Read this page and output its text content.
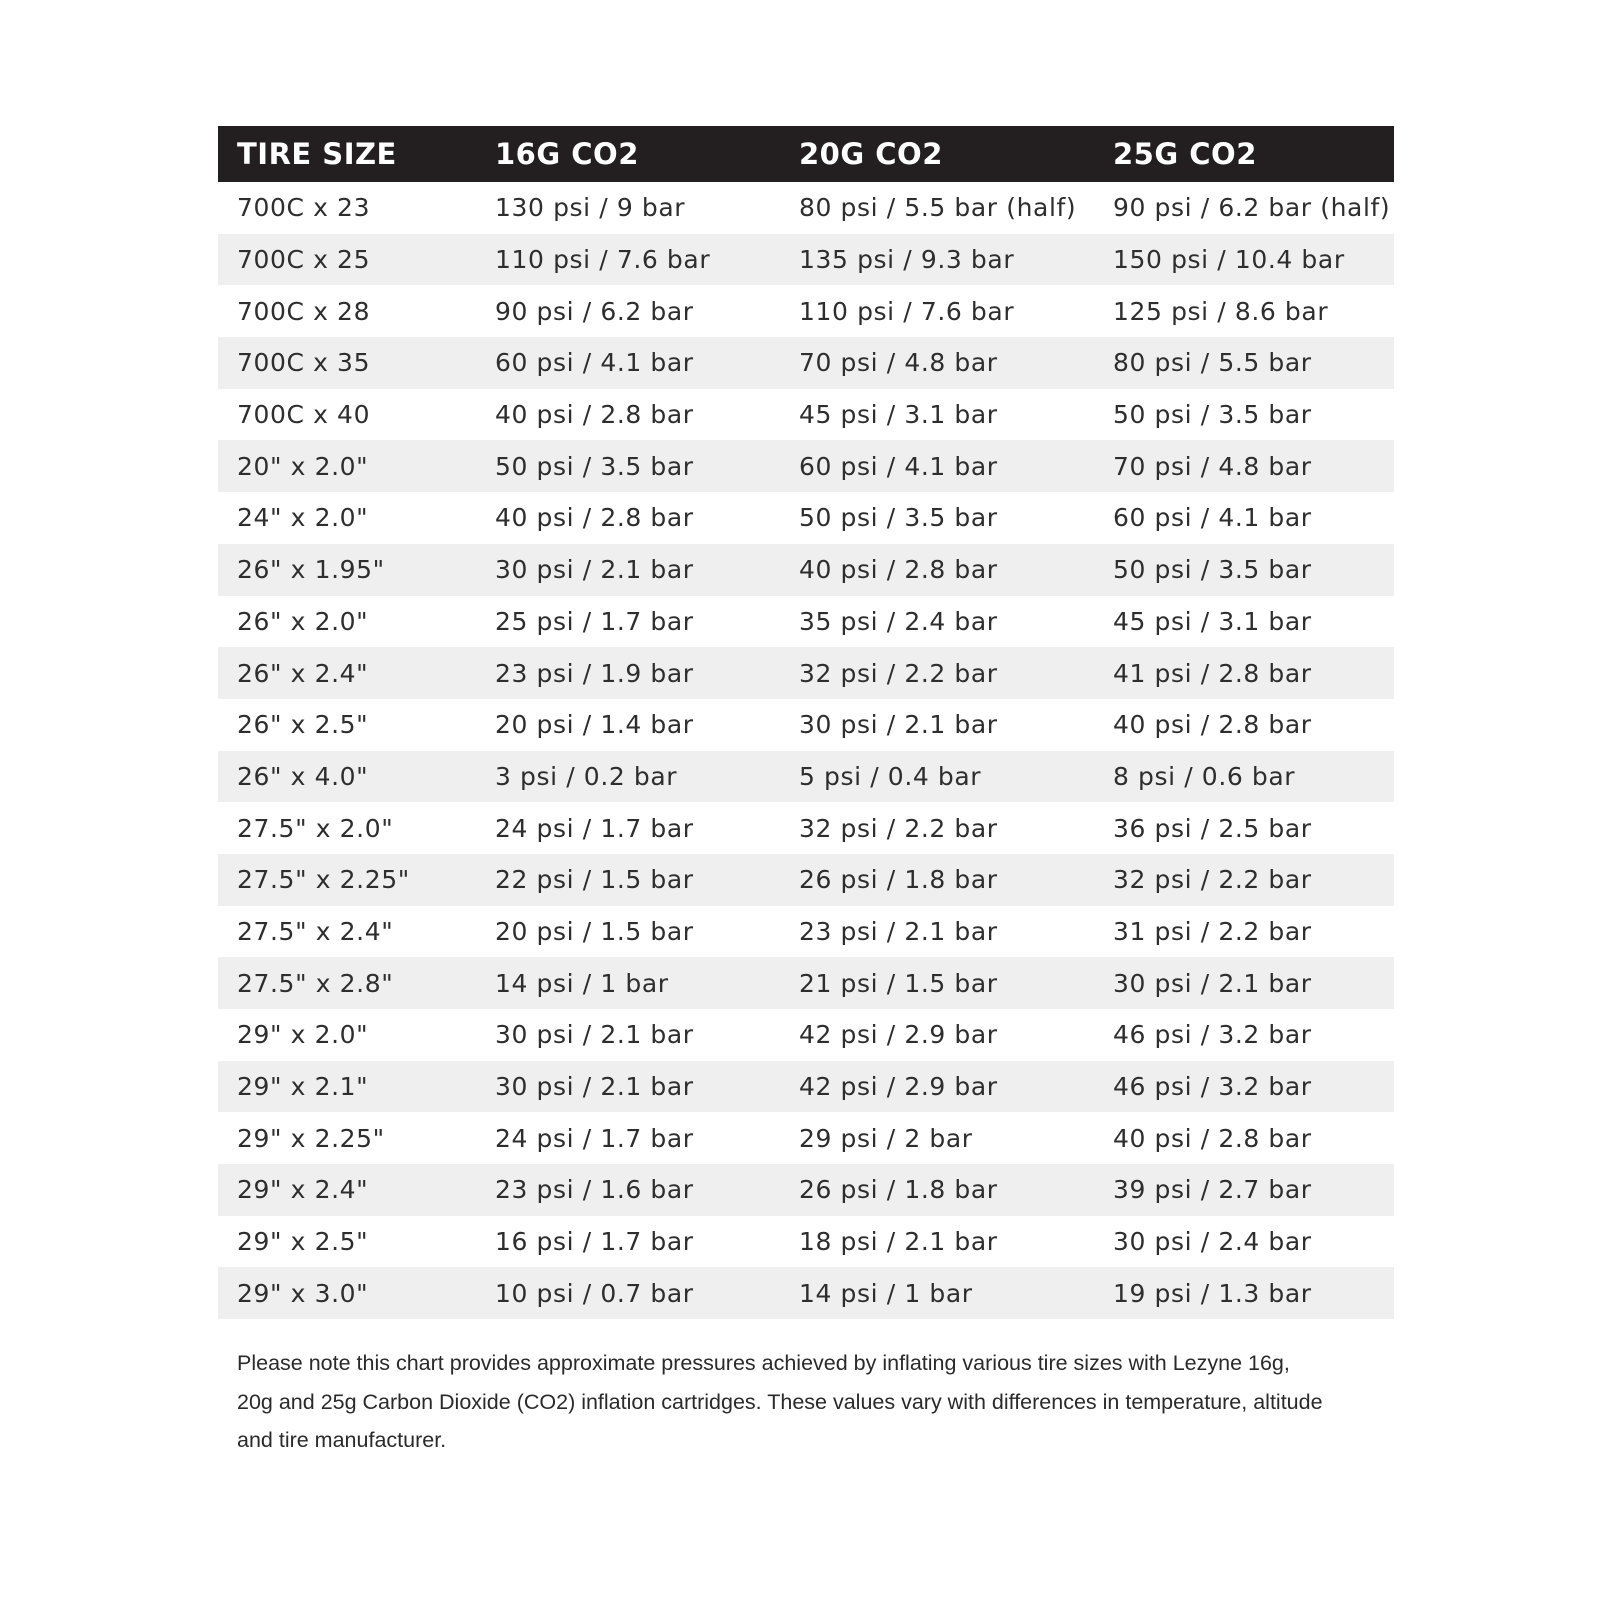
TIRE SIZE	16G CO2	20G CO2	25G CO2
700C x 23	130 psi / 9 bar	80 psi / 5.5 bar (half)	90 psi / 6.2 bar (half)
700C x 25	110 psi / 7.6 bar	135 psi / 9.3 bar	150 psi / 10.4 bar
700C x 28	90 psi / 6.2 bar	110 psi / 7.6 bar	125 psi / 8.6 bar
700C x 35	60 psi / 4.1 bar	70 psi / 4.8 bar	80 psi / 5.5 bar
700C x 40	40 psi / 2.8 bar	45 psi / 3.1 bar	50 psi / 3.5 bar
20" x 2.0"	50 psi / 3.5 bar	60 psi / 4.1 bar	70 psi / 4.8 bar
24" x 2.0"	40 psi / 2.8 bar	50 psi / 3.5 bar	60 psi / 4.1 bar
26" x 1.95"	30 psi / 2.1 bar	40 psi / 2.8 bar	50 psi / 3.5 bar
26" x 2.0"	25 psi / 1.7 bar	35 psi / 2.4 bar	45 psi / 3.1 bar
26" x 2.4"	23 psi / 1.9 bar	32 psi / 2.2 bar	41 psi / 2.8 bar
26" x 2.5"	20 psi / 1.4 bar	30 psi / 2.1 bar	40 psi / 2.8 bar
26" x 4.0"	3 psi / 0.2 bar	5 psi / 0.4 bar	8 psi / 0.6 bar
27.5" x 2.0"	24 psi / 1.7 bar	32 psi / 2.2 bar	36 psi / 2.5 bar
27.5" x 2.25"	22 psi / 1.5 bar	26 psi / 1.8 bar	32 psi / 2.2 bar
27.5" x 2.4"	20 psi / 1.5 bar	23 psi / 2.1 bar	31 psi / 2.2 bar
27.5" x 2.8"	14 psi / 1 bar	21 psi / 1.5 bar	30 psi / 2.1 bar
29" x 2.0"	30 psi / 2.1 bar	42 psi / 2.9 bar	46 psi / 3.2 bar
29" x 2.1"	30 psi / 2.1 bar	42 psi / 2.9 bar	46 psi / 3.2 bar
29" x 2.25"	24 psi / 1.7 bar	29 psi / 2 bar	40 psi / 2.8 bar
29" x 2.4"	23 psi / 1.6 bar	26 psi / 1.8 bar	39 psi / 2.7 bar
29" x 2.5"	16 psi / 1.7 bar	18 psi / 2.1 bar	30 psi / 2.4 bar
29" x 3.0"	10 psi / 0.7 bar	14 psi / 1 bar	19 psi / 1.3 bar
Please note this chart provides approximate pressures achieved by inflating various tire sizes with Lezyne 16g,
20g and 25g Carbon Dioxide (CO2) inflation cartridges. These values vary with differences in temperature, altitude
and tire manufacturer.
